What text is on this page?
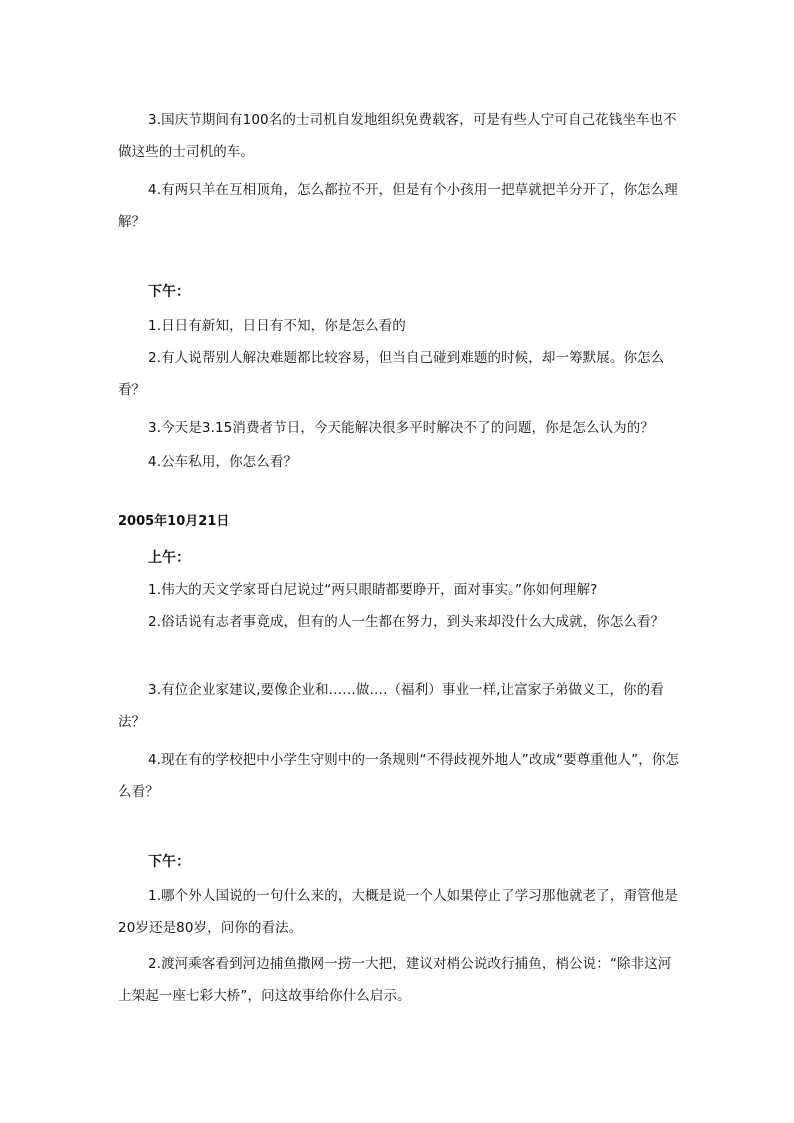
3.国庆节期间有100名的士司机自发地组织免费载客，可是有些人宁可自己花钱坐车也不做这些的士司机的车。

4.有两只羊在互相顶角，怎么都拉不开，但是有个小孩用一把草就把羊分开了，你怎么理解？

下午：

1.日日有新知，日日有不知，你是怎么看的

2.有人说帮别人解决难题都比较容易，但当自己碰到难题的时候，却一筹默展。你怎么看？

3.今天是3.15消费者节日，今天能解决很多平时解决不了的问题，你是怎么认为的？

4.公车私用，你怎么看？

2005年10月21日
上午：

1.伟大的天文学家哥白尼说过“两只眼睛都要睁开，面对事实。”你如何理解?

2.俗话说有志者事竟成，但有的人一生都在努力，到头来却没什么大成就，你怎么看？

3.有位企业家建议,要像企业和……做….（福利）事业一样,让富家子弟做义工，你的看法？

4.现在有的学校把中小学生守则中的一条规则“不得歧视外地人”改成“要尊重他人”，你怎么看？

下午：

1.哪个外人国说的一句什么来的，大概是说一个人如果停止了学习那他就老了，甭管他是20岁还是80岁，问你的看法。

2.渡河乘客看到河边捕鱼撒网一捞一大把，建议对梢公说改行捕鱼，梢公说：“除非这河上架起一座七彩大桥”，问这故事给你什么启示。
